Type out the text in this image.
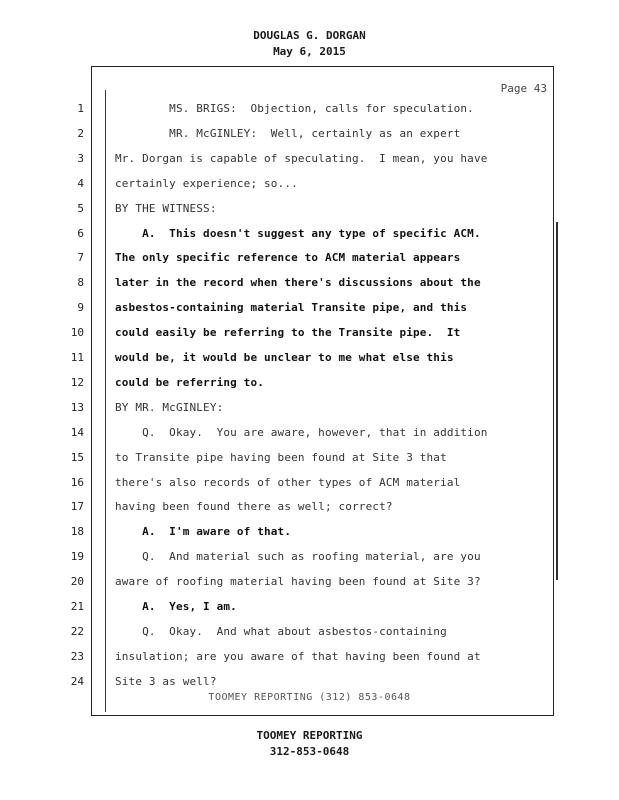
DOUGLAS G. DORGAN
May 6, 2015
Page 43
1	MS. BRIGS:  Objection, calls for speculation.
2	MR. McGINLEY:  Well, certainly as an expert
3	Mr. Dorgan is capable of speculating.  I mean, you have
4	certainly experience; so...
5	BY THE WITNESS:
6	A.  This doesn't suggest any type of specific ACM.
7	The only specific reference to ACM material appears
8	later in the record when there's discussions about the
9	asbestos-containing material Transite pipe, and this
10	could easily be referring to the Transite pipe.  It
11	would be, it would be unclear to me what else this
12	could be referring to.
13	BY MR. McGINLEY:
14	Q.  Okay.  You are aware, however, that in addition
15	to Transite pipe having been found at Site 3 that
16	there's also records of other types of ACM material
17	having been found there as well; correct?
18	A.  I'm aware of that.
19	Q.  And material such as roofing material, are you
20	aware of roofing material having been found at Site 3?
21	A.  Yes, I am.
22	Q.  Okay.  And what about asbestos-containing
23	insulation; are you aware of that having been found at
24	Site 3 as well?
TOOMEY REPORTING (312) 853-0648
TOOMEY REPORTING
312-853-0648
